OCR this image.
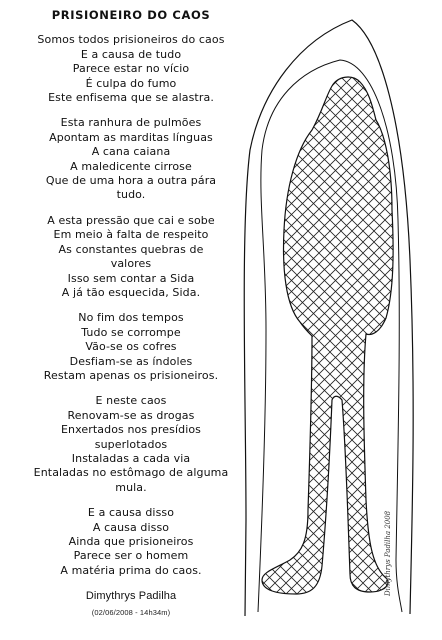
PRISIONEIRO DO CAOS
Somos todos prisioneiros do caos
E a causa de tudo
Parece estar no vício
É culpa do fumo
Este enfisema que se alastra.
Esta ranhura de pulmões
Apontam as marditas línguas
A cana caiana
A maledicente cirrose
Que de uma hora a outra pára
tudo.
A esta pressão que cai e sobe
Em meio à falta de respeito
As constantes quebras de
valores
Isso sem contar a Sida
A já tão esquecida, Sida.
No fim dos tempos
Tudo se corrompe
Vão-se os cofres
Desfiam-se as índoles
Restam apenas os prisioneiros.
E neste caos
Renovam-se as drogas
Enxertados nos presídios
superlotados
Instaladas a cada via
Entaladas no estômago de alguma
mula.
E a causa disso
A causa disso
Ainda que prisioneiros
Parece ser o homem
A matéria prima do caos.
Dimythrys Padilha
(02/06/2008 - 14h34m)
Dimythrys Padilha 2008
